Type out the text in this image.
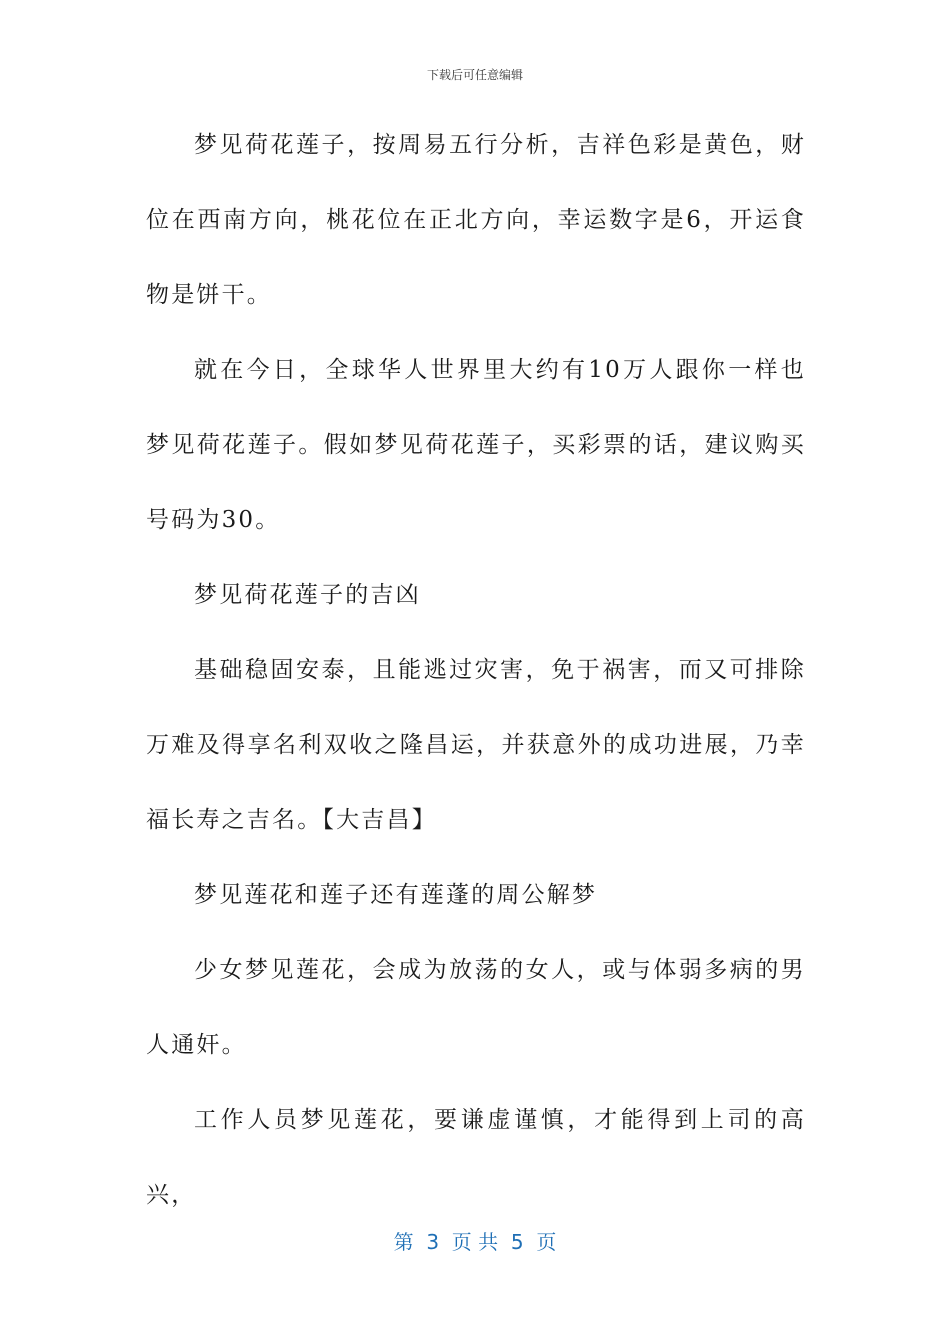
下载后可任意编辑

梦见荷花莲子，按周易五行分析，吉祥色彩是黄色，财位在西南方向，桃花位在正北方向，幸运数字是6，开运食物是饼干。

就在今日，全球华人世界里大约有10万人跟你一样也梦见荷花莲子。假如梦见荷花莲子，买彩票的话，建议购买号码为30。

梦见荷花莲子的吉凶

基础稳固安泰，且能逃过灾害，免于祸害，而又可排除万难及得享名利双收之隆昌运，并获意外的成功进展，乃幸福长寿之吉名。【大吉昌】

梦见莲花和莲子还有莲蓬的周公解梦

少女梦见莲花，会成为放荡的女人，或与体弱多病的男人通奸。

工作人员梦见莲花，要谦虚谨慎，才能得到上司的高兴，

第  3  页 共  5  页
